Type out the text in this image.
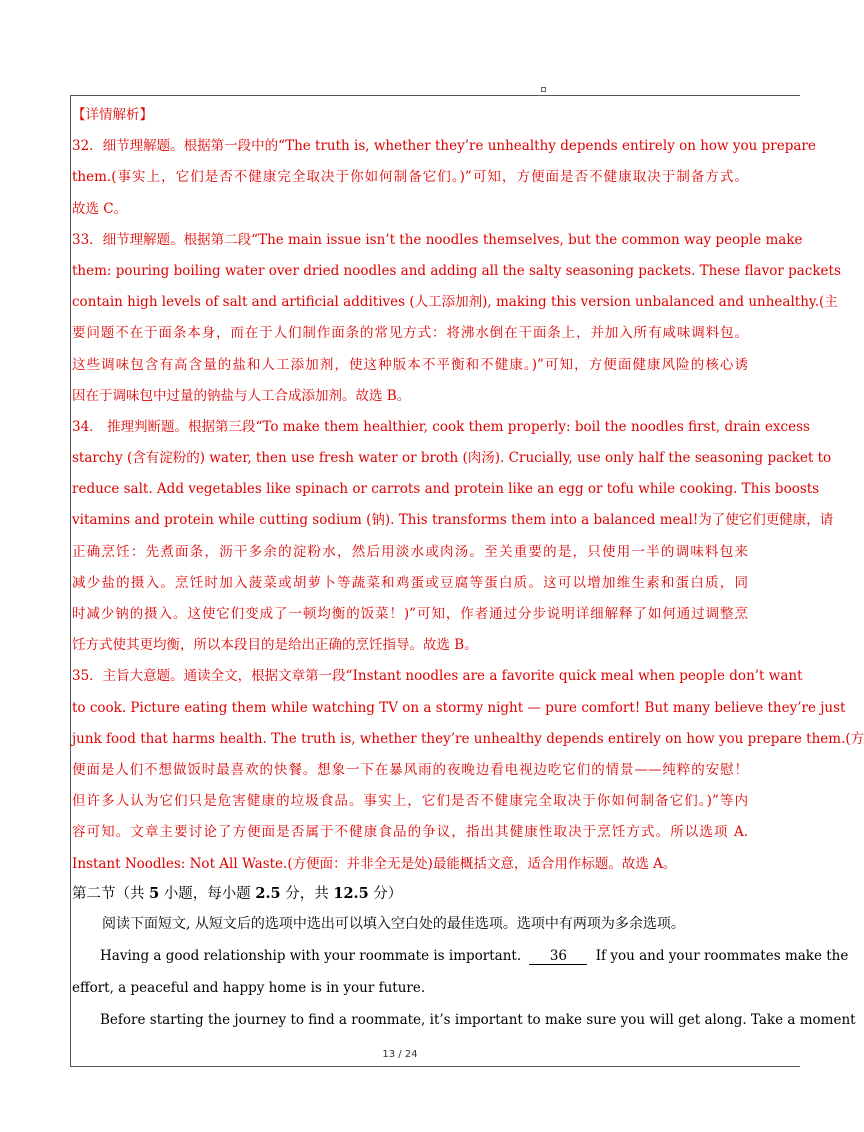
【详情解析】
32．细节理解题。根据第一段中的“The truth is, whether they’re unhealthy depends entirely on how you prepare
them.(事实上，它们是否不健康完全取决于你如何制备它们。)”可知，方便面是否不健康取决于制备方式。
故选 C。
33．细节理解题。根据第二段“The main issue isn’t the noodles themselves, but the common way people make
them: pouring boiling water over dried noodles and adding all the salty seasoning packets. These flavor packets
contain high levels of salt and artificial additives (人工添加剂), making this version unbalanced and unhealthy.(主
要问题不在于面条本身，而在于人们制作面条的常见方式：将沸水倒在干面条上，并加入所有咸味调料包。
这些调味包含有高含量的盐和人工添加剂，使这种版本不平衡和不健康。)”可知，方便面健康风险的核心诱
因在于调味包中过量的钠盐与人工合成添加剂。故选 B。
34． 推理判断题。根据第三段“To make them healthier, cook them properly: boil the noodles first, drain excess
starchy (含有淀粉的) water, then use fresh water or broth (肉汤). Crucially, use only half the seasoning packet to
reduce salt. Add vegetables like spinach or carrots and protein like an egg or tofu while cooking. This boosts
vitamins and protein while cutting sodium (钠). This transforms them into a balanced meal!为了使它们更健康，请
正确烹饪：先煮面条，沥干多余的淀粉水，然后用淡水或肉汤。至关重要的是，只使用一半的调味料包来
减少盐的摄入。烹饪时加入菠菜或胡萝卜等蔬菜和鸡蛋或豆腐等蛋白质。这可以增加维生素和蛋白质，同
时减少钠的摄入。这使它们变成了一顿均衡的饭菜！)”可知，作者通过分步说明详细解释了如何通过调整烹
饪方式使其更均衡，所以本段目的是给出正确的烹饪指导。故选 B。
35．主旨大意题。通读全文，根据文章第一段“Instant noodles are a favorite quick meal when people don’t want
to cook. Picture eating them while watching TV on a stormy night — pure comfort! But many believe they’re just
junk food that harms health. The truth is, whether they’re unhealthy depends entirely on how you prepare them.(方
便面是人们不想做饭时最喜欢的快餐。想象一下在暴风雨的夜晚边看电视边吃它们的情景——纯粹的安慰！
但许多人认为它们只是危害健康的垃圾食品。事实上，它们是否不健康完全取决于你如何制备它们。)”等内
容可知。文章主要讨论了方便面是否属于不健康食品的争议，指出其健康性取决于烹饪方式。所以选项 A.
Instant Noodles: Not All Waste.(方便面：并非全无是处)最能概括文意，适合用作标题。故选 A。
第二节（共 5 小题，每小题 2.5 分，共 12.5 分）
阅读下面短文, 从短文后的选项中选出可以填入空白处的最佳选项。选项中有两项为多余选项。
Having a good relationship with your roommate is important. 36 If you and your roommates make the
effort, a peaceful and happy home is in your future.
Before starting the journey to find a roommate, it’s important to make sure you will get along. Take a moment
13 / 24
